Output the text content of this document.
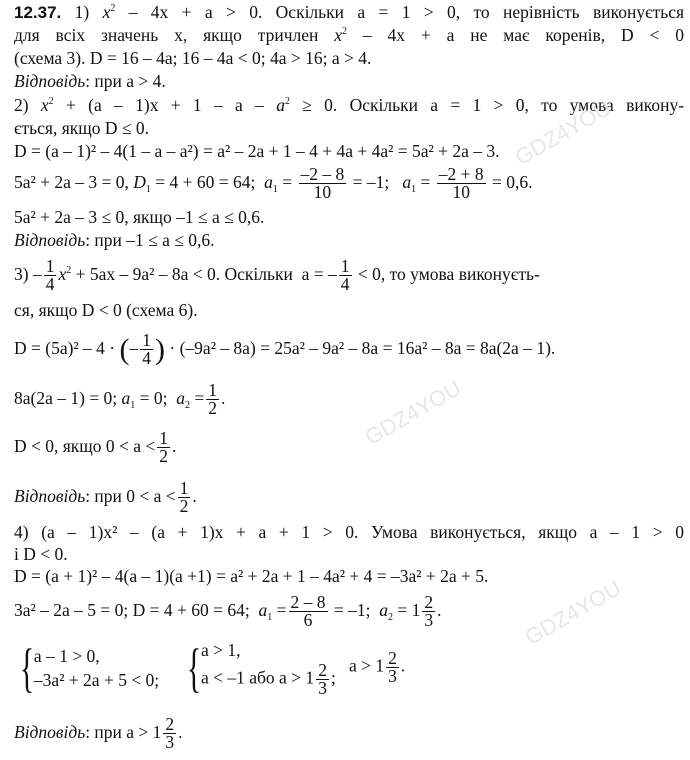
12.37. 1) $x^2 - 4x + a > 0$. Оскільки a = 1 > 0, то нерівність виконується
для всіх значень x, якщо тричлен $x^2 - 4x + a$ не має коренів, D < 0
(схема 3). D = 16 – 4a; 16 – 4a < 0; 4a > 16; a > 4.
Відповідь: при a > 4.
2) $x^2 + (a - 1)x + 1 - a - a^2 \ge 0$. Оскільки a = 1 > 0, то умова викону-
ється, якщо D ≤ 0.
D = (a – 1)² – 4(1 – a – a²) = a² – 2a + 1 – 4 + 4a + 4a² = 5a² + 2a – 3.
5a² + 2a – 3 = 0, $D_1 = 4 + 60 = 64$; $a_1 = \frac{-2 - 8}{10} = -1$; $a_1 = \frac{-2 + 8}{10} = 0,6$.
5a² + 2a – 3 ≤ 0, якщо –1 ≤ a ≤ 0,6.
Відповідь: при –1 ≤ a ≤ 0,6.
$3) - \frac{1}{4} x^2 + 5ax - 9a^2 - 8a < 0$. Оскільки a = – $\frac{1}{4} < 0$, то умова виконуєть-
ся, якщо D < 0 (схема 6).
D = (5a)² – 4 · (– $\frac{1}{4}$ ) · (–9a² – 8a) = 25a² – 9a² – 8a = 16a² – 8a = 8a(2a – 1).
8a(2a – 1) = 0; $a_1 = 0$; $a_2 = \frac{1}{2}$ .
D < 0, якщо $0 < a < \frac{1}{2}$ .
Відповідь: при $0 < a < \frac{1}{2}$ .
4) (a – 1)x² – (a + 1)x + a + 1 > 0. Умова виконується, якщо a – 1 > 0
і D < 0.
D = (a + 1)² – 4(a – 1)(a +1) = a² + 2a + 1 – 4a² + 4 = –3a² + 2a + 5.
3a² – 2a – 5 = 0; D = 4 + 60 = 64; $a_1 = \frac{2 - 8}{6} = -1$; $a_2 = 1 \frac{2}{3}$ .
{a – 1 > 0,
–3a² + 2a + 5 < 0; {a > 1,
a < –1 або $a > 1 \frac{2}{3}$ ;   $a > 1 \frac{2}{3}$ .
Відповідь: при $a > 1 \frac{2}{3}$ .
GDZ4YOU
GDZ4YOU
GDZ4YOU
